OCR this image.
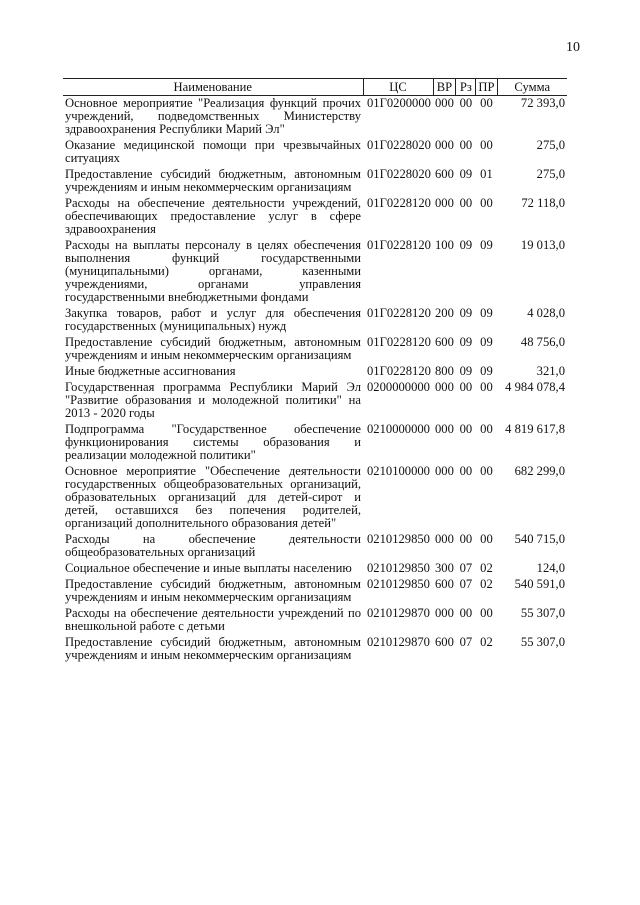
10
Наименование	ЦС	ВР	Рз	ПР	Сумма
Основное мероприятие "Реализация функций прочих учреждений, подведомственных Министерству здравоохранения Республики Марий Эл"	01Г0200000	000	00	00	72 393,0
Оказание медицинской помощи при чрезвычайных ситуациях	01Г0228020	000	00	00	275,0
Предоставление субсидий бюджетным, автономным учреждениям и иным некоммерческим организациям	01Г0228020	600	09	01	275,0
Расходы на обеспечение деятельности учреждений, обеспечивающих предоставление услуг в сфере здравоохранения	01Г0228120	000	00	00	72 118,0
Расходы на выплаты персоналу в целях обеспечения выполнения функций государственными (муниципальными) органами, казенными учреждениями, органами управления государственными внебюджетными фондами	01Г0228120	100	09	09	19 013,0
Закупка товаров, работ и услуг для обеспечения государственных (муниципальных) нужд	01Г0228120	200	09	09	4 028,0
Предоставление субсидий бюджетным, автономным учреждениям и иным некоммерческим организациям	01Г0228120	600	09	09	48 756,0
Иные бюджетные ассигнования	01Г0228120	800	09	09	321,0
Государственная программа Республики Марий Эл "Развитие образования и молодежной политики" на 2013 - 2020 годы	0200000000	000	00	00	4 984 078,4
Подпрограмма "Государственное обеспечение функционирования системы образования и реализации молодежной политики"	0210000000	000	00	00	4 819 617,8
Основное мероприятие "Обеспечение деятельности государственных общеобразовательных организаций, образовательных организаций для детей-сирот и детей, оставшихся без попечения родителей, организаций дополнительного образования детей"	0210100000	000	00	00	682 299,0
Расходы на обеспечение деятельности общеобразовательных организаций	0210129850	000	00	00	540 715,0
Социальное обеспечение и иные выплаты населению	0210129850	300	07	02	124,0
Предоставление субсидий бюджетным, автономным учреждениям и иным некоммерческим организациям	0210129850	600	07	02	540 591,0
Расходы на обеспечение деятельности учреждений по внешкольной работе с детьми	0210129870	000	00	00	55 307,0
Предоставление субсидий бюджетным, автономным учреждениям и иным некоммерческим организациям	0210129870	600	07	02	55 307,0
